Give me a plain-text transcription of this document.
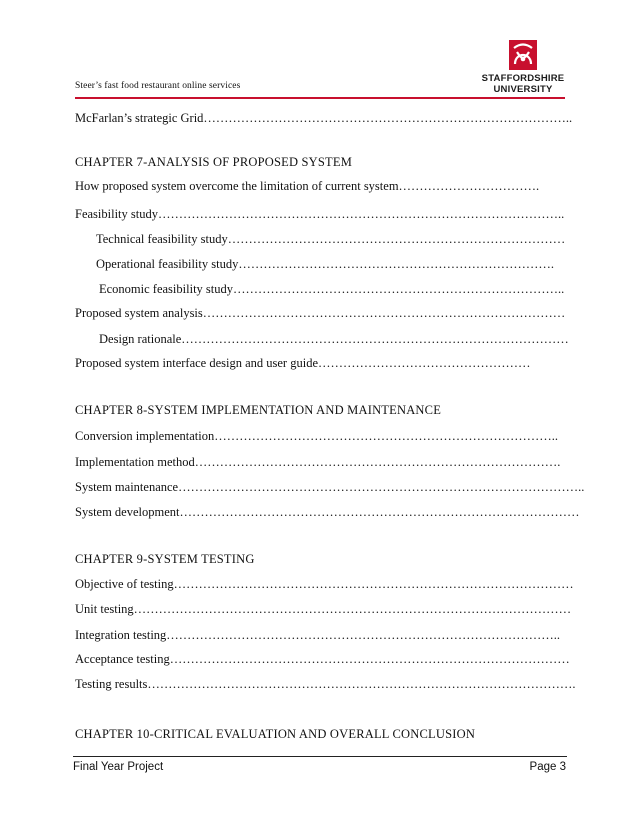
Steer’s fast food restaurant online services
STAFFORDSHIRE
UNIVERSITY
McFarlan’s strategic Grid……………………………………………………………………………..
CHAPTER 7-ANALYSIS OF PROPOSED SYSTEM
How proposed system overcome the limitation of current system…………………………….
Feasibility study……………………………………………………………………………………..
Technical feasibility study………………………………………………………………………
Operational feasibility study………………………………………………………………….
Economic feasibility study……………………………………………………………………..
Proposed system analysis……………………………………………………………………………
Design rationale…………………………………………………………………………………
Proposed system interface design and user guide……………………………………………
CHAPTER 8-SYSTEM IMPLEMENTATION AND MAINTENANCE
Conversion implementation………………………………………………………………………..
Implementation method…………………………………………………………………………….
System maintenance……………………………………………………………………………………..
System development……………………………………………………………………………………
CHAPTER 9-SYSTEM TESTING
Objective of testing……………………………………………………………………………………
Unit testing……………………………………………………………………………………………
Integration testing…………………………………………………………………………………..
Acceptance testing……………………………………………………………………………………
Testing results………………………………………………………………………………………….
CHAPTER 10-CRITICAL EVALUATION AND OVERALL CONCLUSION
Final Year Project	Page 3
